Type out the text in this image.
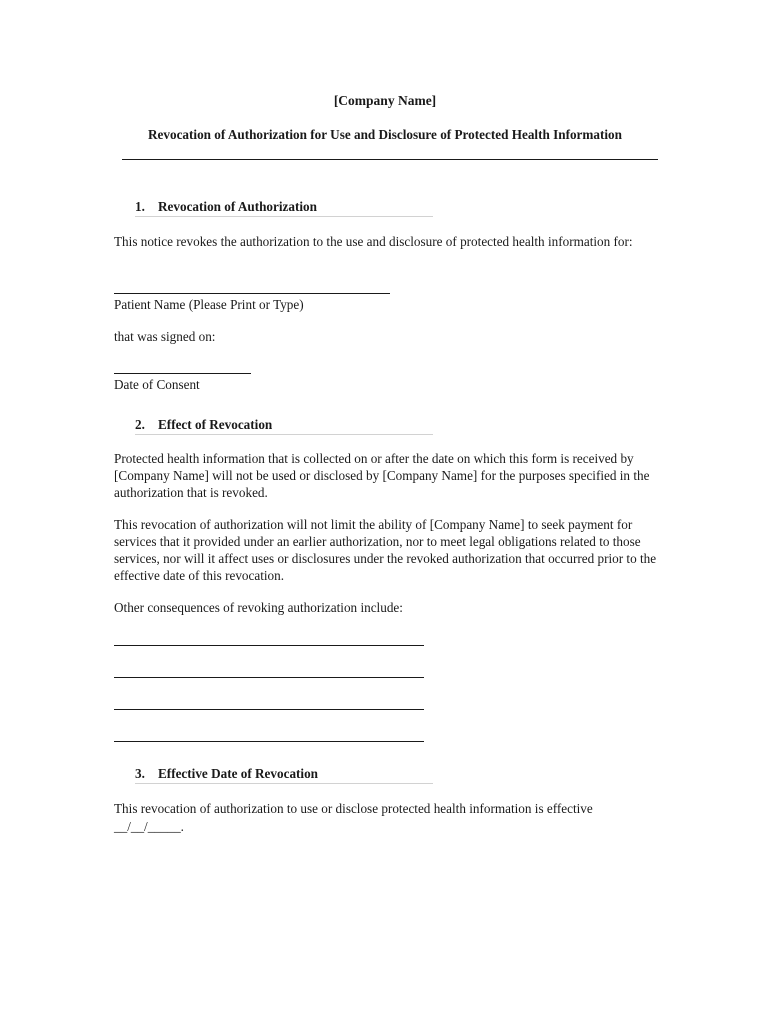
[Company Name]
Revocation of Authorization for Use and Disclosure of Protected Health Information
1. Revocation of Authorization
This notice revokes the authorization to the use and disclosure of protected health information for:
Patient Name (Please Print or Type)
that was signed on:
Date of Consent
2. Effect of Revocation
Protected health information that is collected on or after the date on which this form is received by [Company Name] will not be used or disclosed by [Company Name] for the purposes specified in the authorization that is revoked.
This revocation of authorization will not limit the ability of [Company Name] to seek payment for services that it provided under an earlier authorization, nor to meet legal obligations related to those services, nor will it affect uses or disclosures under the revoked authorization that occurred prior to the effective date of this revocation.
Other consequences of revoking authorization include:
3. Effective Date of Revocation
This revocation of authorization to use or disclose protected health information is effective
__/__/_____.
